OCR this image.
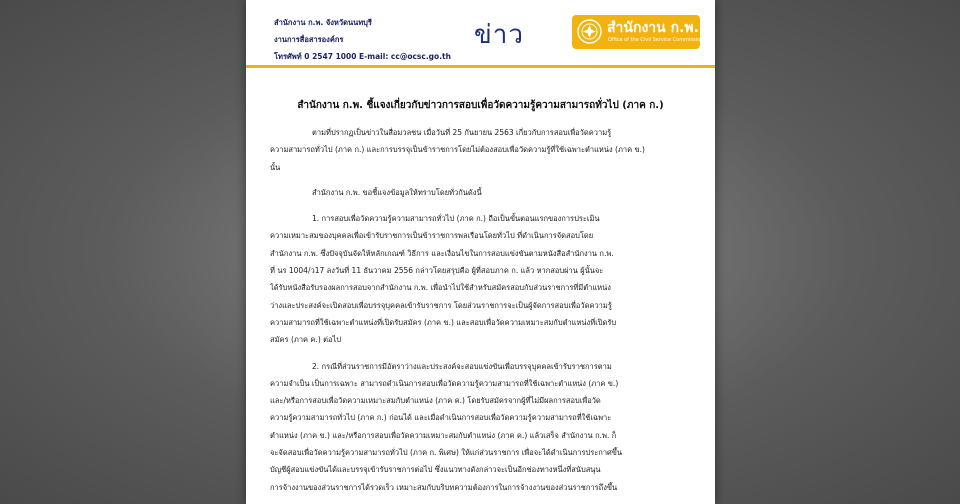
สำนักงาน ก.พ. จังหวัดนนทบุรี
งานการสื่อสารองค์กร
โทรศัพท์ 0 2547 1000 E-mail: cc@ocsc.go.th
ข่าว	สำนักงาน ก.พ.
Office of the Civil Service Commission
สำนักงาน ก.พ. ชี้แจงเกี่ยวกับข่าวการสอบเพื่อวัดความรู้ความสามารถทั่วไป (ภาค ก.)

ตามที่ปรากฏเป็นข่าวในสื่อมวลชน เมื่อวันที่ 25 กันยายน 2563 เกี่ยวกับการสอบเพื่อวัดความรู้
ความสามารถทั่วไป (ภาค ก.) และการบรรจุเป็นข้าราชการโดยไม่ต้องสอบเพื่อวัดความรู้ที่ใช้เฉพาะตำแหน่ง (ภาค ข.)
นั้น

สำนักงาน ก.พ. ขอชี้แจงข้อมูลให้ทราบโดยทั่วกันดังนี้

1. การสอบเพื่อวัดความรู้ความสามารถทั่วไป (ภาค ก.) ถือเป็นขั้นตอนแรกของการประเมิน
ความเหมาะสมของบุคคลเพื่อเข้ารับราชการเป็นข้าราชการพลเรือนโดยทั่วไป ที่ดำเนินการจัดสอบโดย
สำนักงาน ก.พ. ซึ่งปัจจุบันจัดให้หลักเกณฑ์ วิธีการ และเงื่อนไขในการสอบแข่งขันตามหนังสือสำนักงาน ก.พ.
ที่ นร 1004/ว17 ลงวันที่ 11 ธันวาคม 2556 กล่าวโดยสรุปคือ ผู้ที่สอบภาค ก. แล้ว หากสอบผ่าน ผู้นั้นจะ
ได้รับหนังสือรับรองผลการสอบจากสำนักงาน ก.พ. เพื่อนำไปใช้สำหรับสมัครสอบกับส่วนราชการที่มีตำแหน่ง
ว่างและประสงค์จะเปิดสอบเพื่อบรรจุบุคคลเข้ารับราชการ โดยส่วนราชการจะเป็นผู้จัดการสอบเพื่อวัดความรู้
ความสามารถที่ใช้เฉพาะตำแหน่งที่เปิดรับสมัคร (ภาค ข.) และสอบเพื่อวัดความเหมาะสมกับตำแหน่งที่เปิดรับ
สมัคร (ภาค ค.) ต่อไป

2. กรณีที่ส่วนราชการมีอัตราว่างและประสงค์จะสอบแข่งขันเพื่อบรรจุบุคคลเข้ารับราชการตาม
ความจำเป็น เป็นการเฉพาะ สามารถดำเนินการสอบเพื่อวัดความรู้ความสามารถที่ใช้เฉพาะตำแหน่ง (ภาค ข.)
และ/หรือการสอบเพื่อวัดความเหมาะสมกับตำแหน่ง (ภาค ค.) โดยรับสมัครจากผู้ที่ไม่มีผลการสอบเพื่อวัด
ความรู้ความสามารถทั่วไป (ภาค ก.) ก่อนได้ และเมื่อดำเนินการสอบเพื่อวัดความรู้ความสามารถที่ใช้เฉพาะ
ตำแหน่ง (ภาค ข.) และ/หรือการสอบเพื่อวัดความเหมาะสมกับตำแหน่ง (ภาค ค.) แล้วเสร็จ สำนักงาน ก.พ. ก็
จะจัดสอบเพื่อวัดความรู้ความสามารถทั่วไป (ภาค ก. พิเศษ) ให้แก่ส่วนราชการ เพื่อจะได้ดำเนินการประกาศขึ้น
บัญชีผู้สอบแข่งขันได้และบรรจุเข้ารับราชการต่อไป ซึ่งแนวทางดังกล่าวจะเป็นอีกช่องทางหนึ่งที่สนับสนุน
การจ้างงานของส่วนราชการได้รวดเร็ว เหมาะสมกับบริบทความต้องการในการจ้างงานของส่วนราชการถึงขึ้น
